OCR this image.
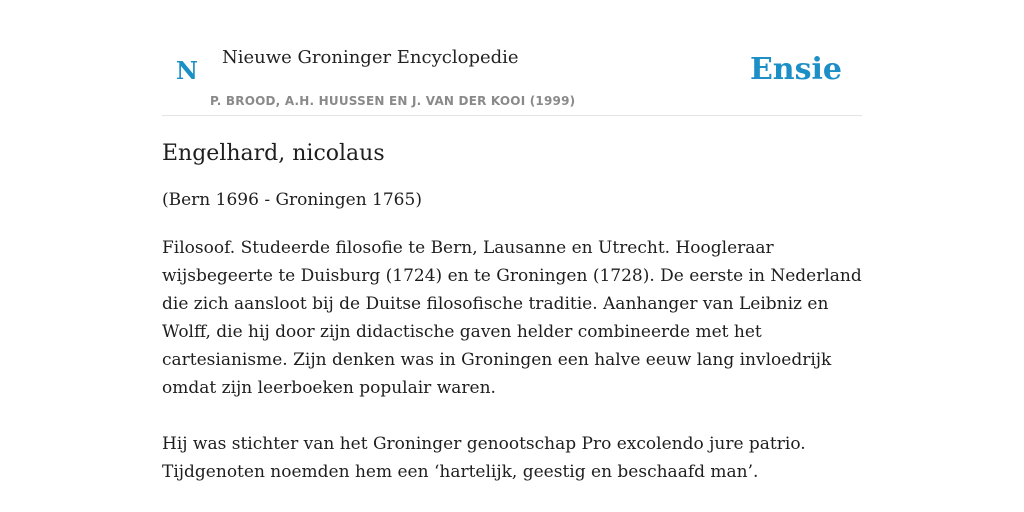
N Nieuwe Groninger Encyclopedie
P. BROOD, A.H. HUUSSEN EN J. VAN DER KOOI (1999)
Ensie
Engelhard, nicolaus

(Bern 1696 - Groningen 1765)

Filosoof. Studeerde filosofie te Bern, Lausanne en Utrecht. Hoogleraar wijsbegeerte te Duisburg (1724) en te Groningen (1728). De eerste in Nederland die zich aansloot bij de Duitse filosofische traditie. Aanhanger van Leibniz en Wolff, die hij door zijn didactische gaven helder combineerde met het cartesianisme. Zijn denken was in Groningen een halve eeuw lang invloedrijk omdat zijn leerboeken populair waren.

Hij was stichter van het Groninger genootschap Pro excolendo jure patrio. Tijdgenoten noemden hem een ‘hartelijk, geestig en beschaafd man’.
